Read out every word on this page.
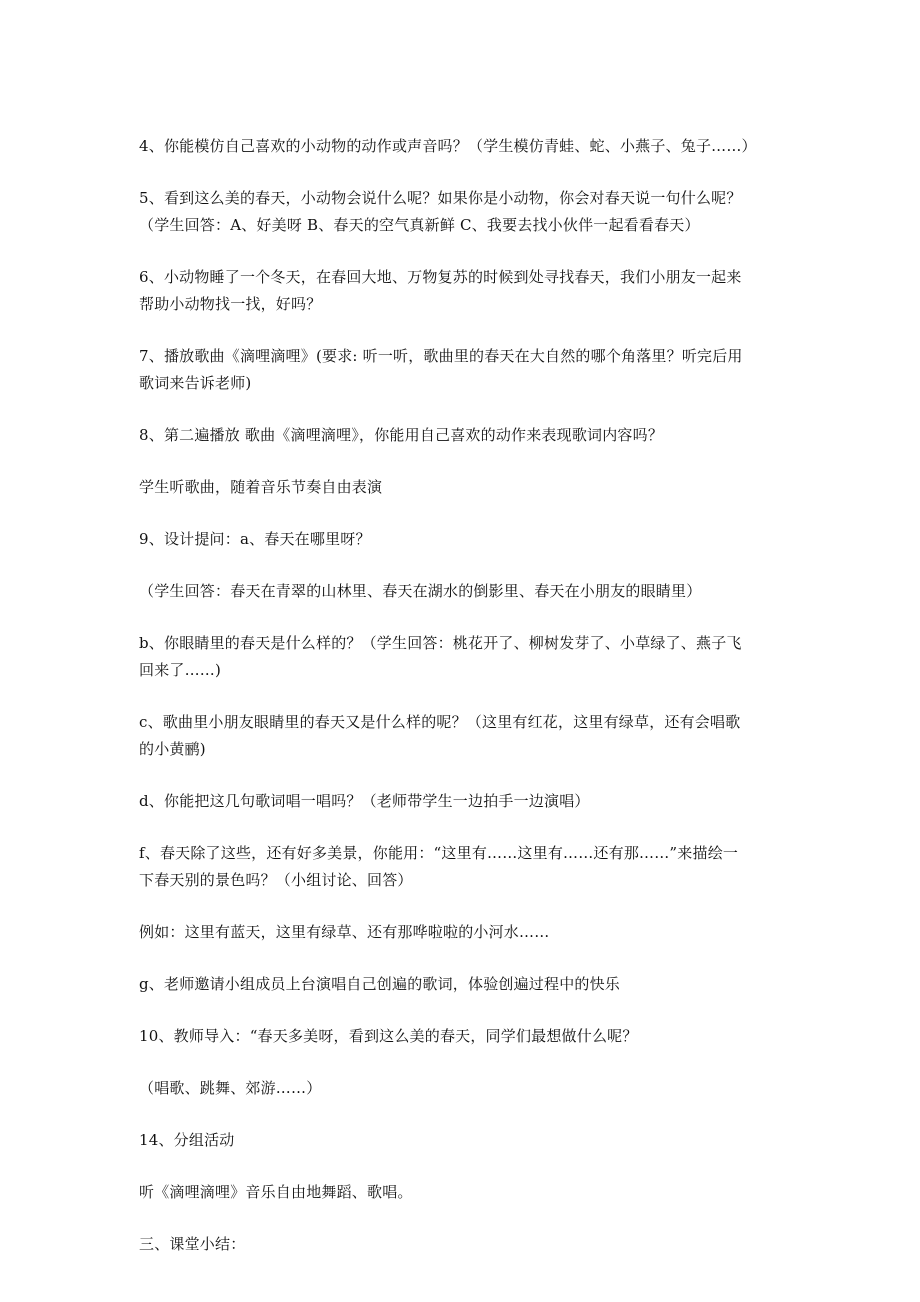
4、你能模仿自己喜欢的小动物的动作或声音吗？（学生模仿青蛙、蛇、小燕子、兔子……）

5、看到这么美的春天，小动物会说什么呢？如果你是小动物，你会对春天说一句什么呢？
（学生回答：A、好美呀 B、春天的空气真新鲜 C、我要去找小伙伴一起看看春天）

6、小动物睡了一个冬天，在春回大地、万物复苏的时候到处寻找春天，我们小朋友一起来
帮助小动物找一找，好吗？

7、播放歌曲《滴哩滴哩》(要求: 听一听，歌曲里的春天在大自然的哪个角落里？听完后用
歌词来告诉老师)

8、第二遍播放 歌曲《滴哩滴哩》，你能用自己喜欢的动作来表现歌词内容吗？

学生听歌曲，随着音乐节奏自由表演

9、设计提问：a、春天在哪里呀？

（学生回答：春天在青翠的山林里、春天在湖水的倒影里、春天在小朋友的眼睛里）

b、你眼睛里的春天是什么样的？（学生回答：桃花开了、柳树发芽了、小草绿了、燕子飞
回来了……)

c、歌曲里小朋友眼睛里的春天又是什么样的呢？（这里有红花，这里有绿草，还有会唱歌
的小黄鹂)

d、你能把这几句歌词唱一唱吗？（老师带学生一边拍手一边演唱）

f、春天除了这些，还有好多美景，你能用：“这里有……这里有……还有那……”来描绘一
下春天别的景色吗？（小组讨论、回答）

例如：这里有蓝天，这里有绿草、还有那哗啦啦的小河水……

g、老师邀请小组成员上台演唱自己创遍的歌词，体验创遍过程中的快乐

10、教师导入：“春天多美呀，看到这么美的春天，同学们最想做什么呢？

（唱歌、跳舞、郊游……）

14、分组活动

听《滴哩滴哩》音乐自由地舞蹈、歌唱。

三、课堂小结：
